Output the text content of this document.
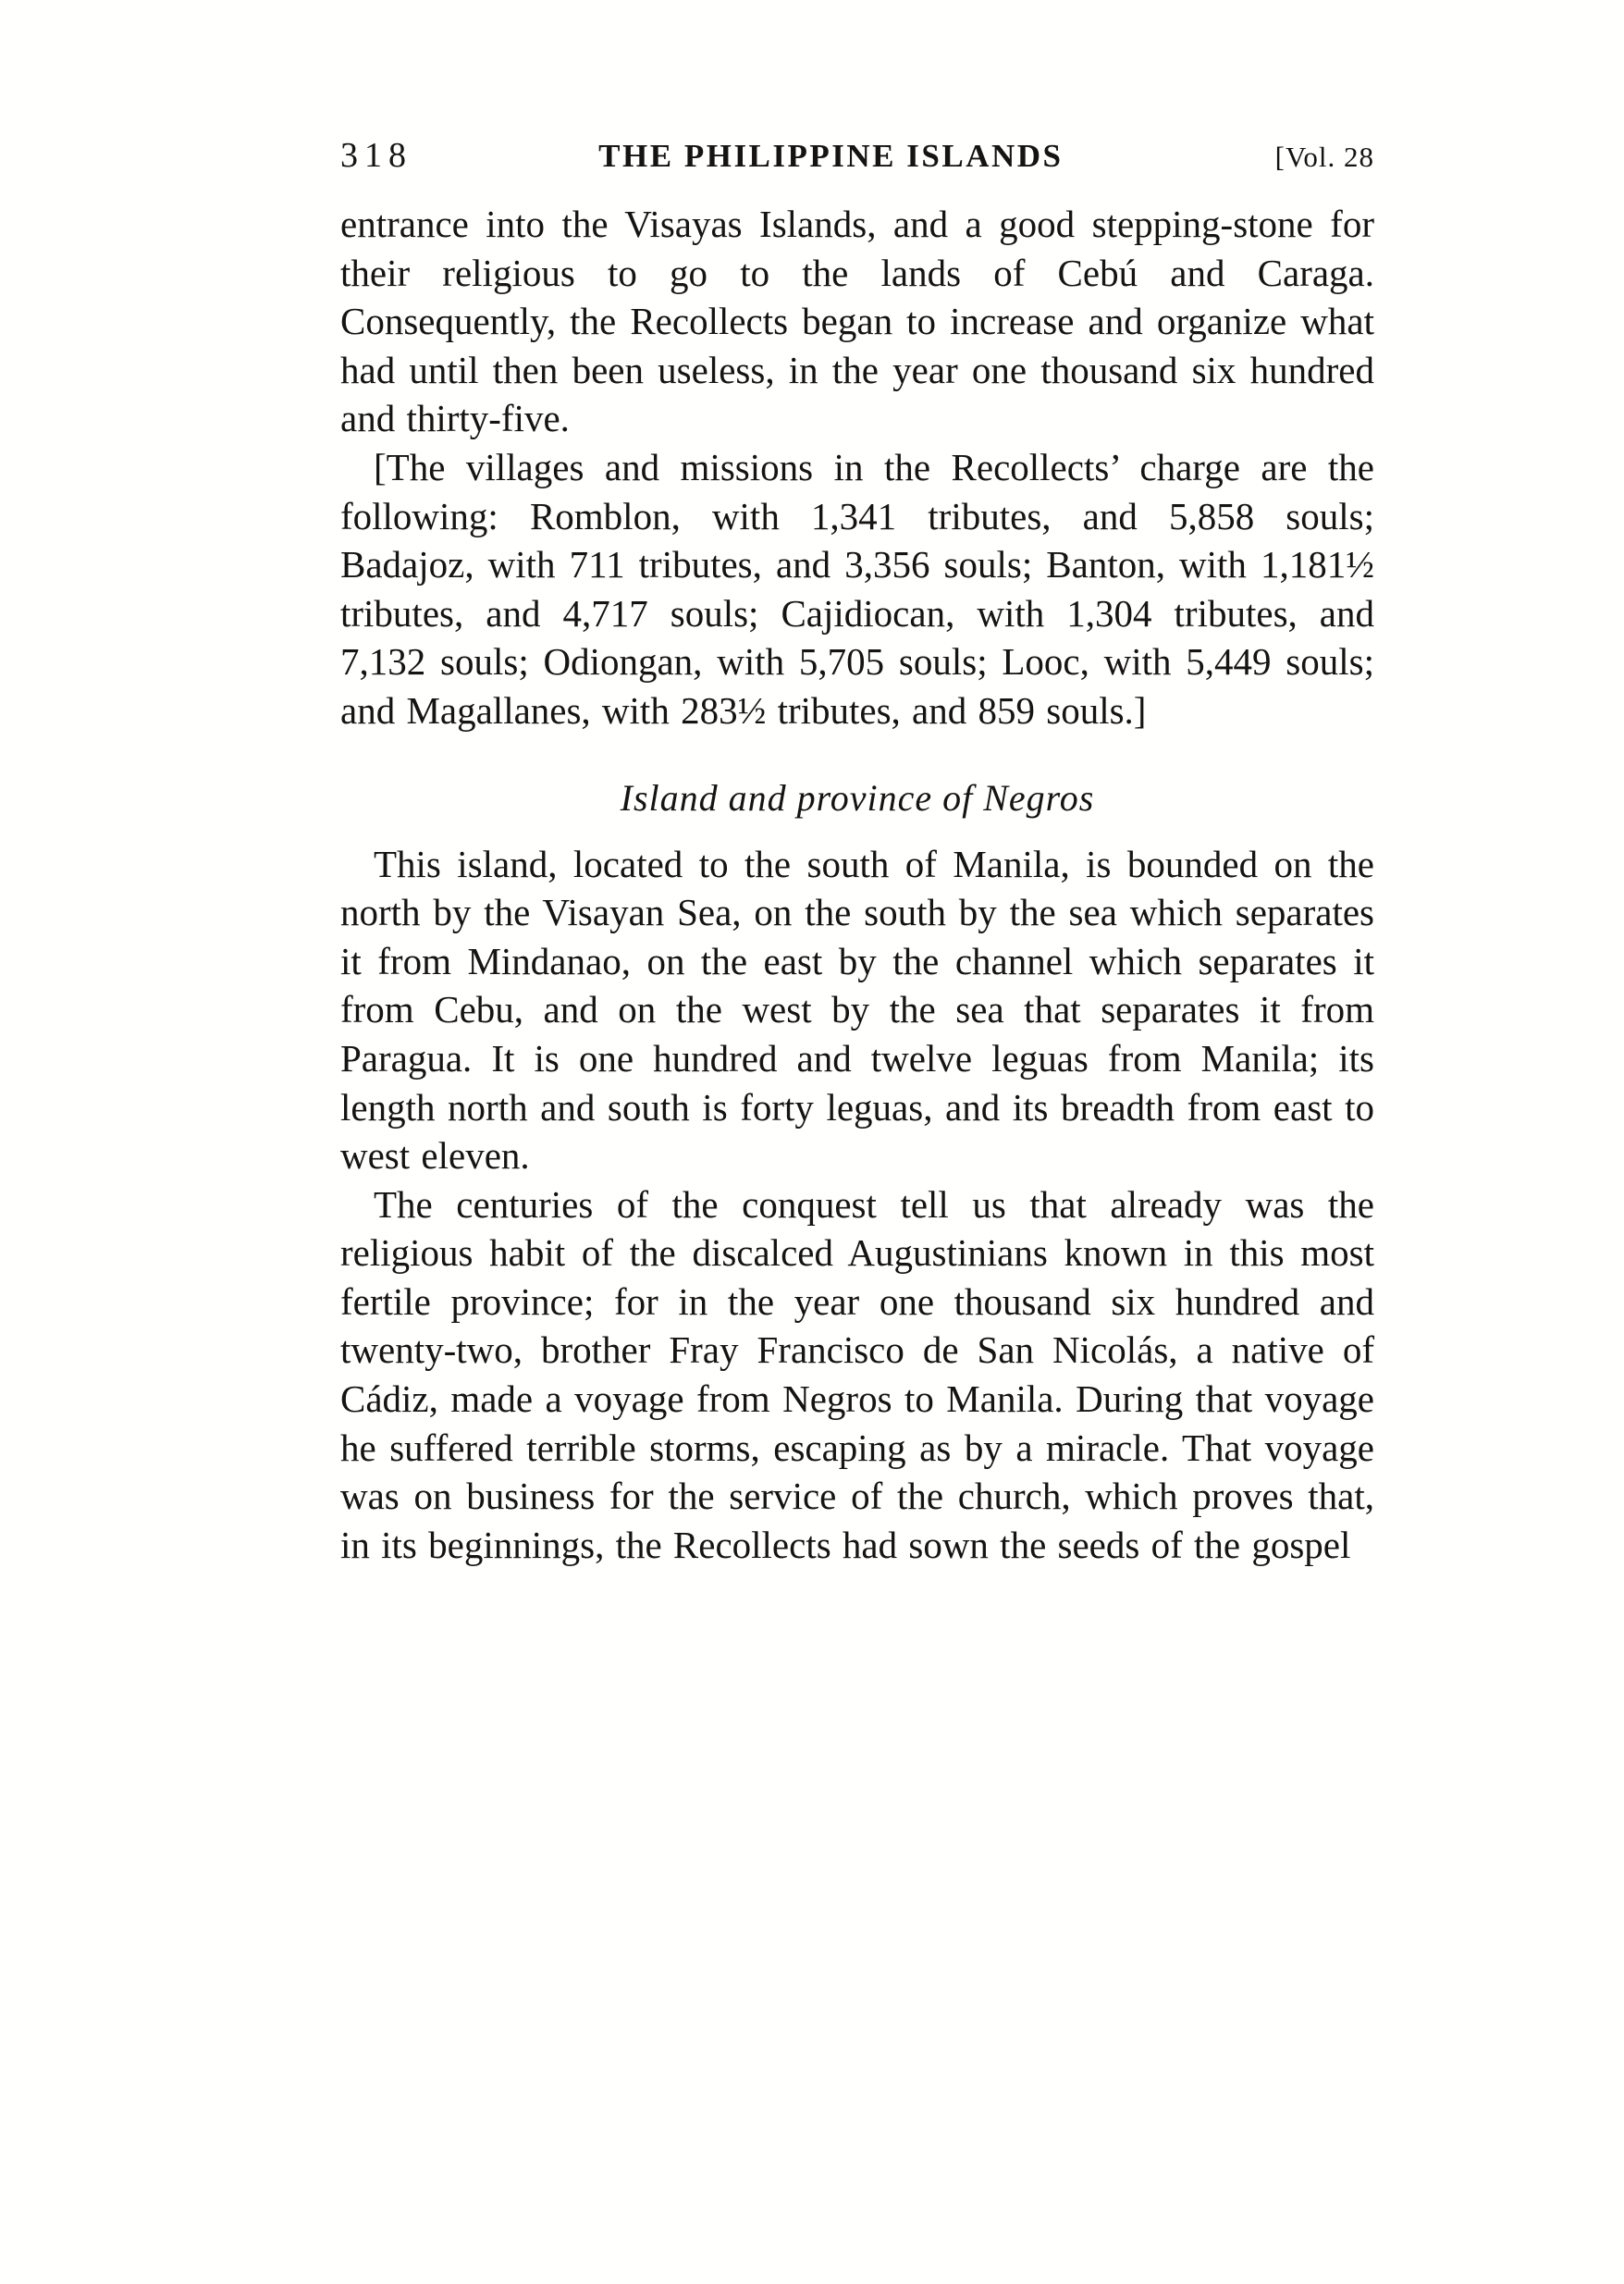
318	THE PHILIPPINE ISLANDS	[Vol. 28

entrance into the Visayas Islands, and a good stepping-stone for their religious to go to the lands of Cebú and Caraga. Consequently, the Recollects began to increase and organize what had until then been useless, in the year one thousand six hundred and thirty-five.

[The villages and missions in the Recollects’ charge are the following: Romblon, with 1,341 tributes, and 5,858 souls; Badajoz, with 711 tributes, and 3,356 souls; Banton, with 1,181½ tributes, and 4,717 souls; Cajidiocan, with 1,304 tributes, and 7,132 souls; Odiongan, with 5,705 souls; Looc, with 5,449 souls; and Magallanes, with 283½ tributes, and 859 souls.]

Island and province of Negros

This island, located to the south of Manila, is bounded on the north by the Visayan Sea, on the south by the sea which separates it from Mindanao, on the east by the channel which separates it from Cebu, and on the west by the sea that separates it from Paragua. It is one hundred and twelve leguas from Manila; its length north and south is forty leguas, and its breadth from east to west eleven.

The centuries of the conquest tell us that already was the religious habit of the discalced Augustinians known in this most fertile province; for in the year one thousand six hundred and twenty-two, brother Fray Francisco de San Nicolás, a native of Cádiz, made a voyage from Negros to Manila. During that voyage he suffered terrible storms, escaping as by a miracle. That voyage was on business for the service of the church, which proves that, in its beginnings, the Recollects had sown the seeds of the gospel
